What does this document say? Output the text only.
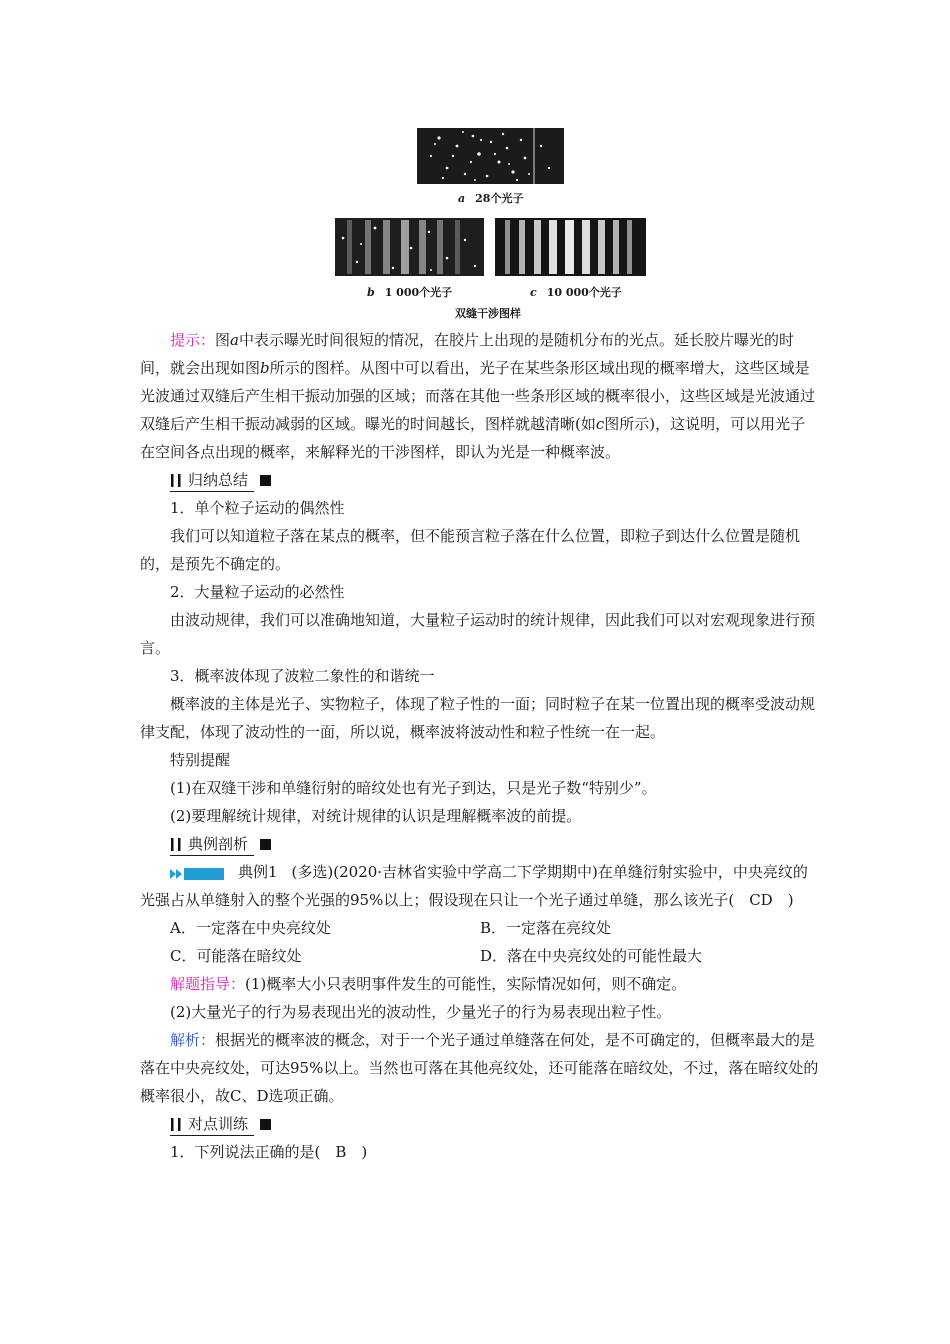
a 28个光子
b 1 000个光子	c 10 000个光子
双缝干涉图样

提示：图a中表示曝光时间很短的情况，在胶片上出现的是随机分布的光点。延长胶片曝光的时间，就会出现如图b所示的图样。从图中可以看出，光子在某些条形区域出现的概率增大，这些区域是光波通过双缝后产生相干振动加强的区域；而落在其他一些条形区域的概率很小，这些区域是光波通过双缝后产生相干振动减弱的区域。曝光的时间越长，图样就越清晰(如c图所示)，这说明，可以用光子在空间各点出现的概率，来解释光的干涉图样，即认为光是一种概率波。

归纳总结

1．单个粒子运动的偶然性

我们可以知道粒子落在某点的概率，但不能预言粒子落在什么位置，即粒子到达什么位置是随机的，是预先不确定的。

2．大量粒子运动的必然性

由波动规律，我们可以准确地知道，大量粒子运动时的统计规律，因此我们可以对宏观现象进行预言。

3．概率波体现了波粒二象性的和谐统一

概率波的主体是光子、实物粒子，体现了粒子性的一面；同时粒子在某一位置出现的概率受波动规律支配，体现了波动性的一面，所以说，概率波将波动性和粒子性统一在一起。

特别提醒

(1)在双缝干涉和单缝衍射的暗纹处也有光子到达，只是光子数“特别少”。

(2)要理解统计规律，对统计规律的认识是理解概率波的前提。

典例剖析

典例1 (多选)(2020·吉林省实验中学高二下学期期中)在单缝衍射实验中，中央亮纹的光强占从单缝射入的整个光强的95%以上；假设现在只让一个光子通过单缝，那么该光子(　CD　)

A．一定落在中央亮纹处	B．一定落在亮纹处
C．可能落在暗纹处	D．落在中央亮纹处的可能性最大

解题指导：(1)概率大小只表明事件发生的可能性，实际情况如何，则不确定。

(2)大量光子的行为易表现出光的波动性，少量光子的行为易表现出粒子性。

解析：根据光的概率波的概念，对于一个光子通过单缝落在何处，是不可确定的，但概率最大的是落在中央亮纹处，可达95%以上。当然也可落在其他亮纹处，还可能落在暗纹处，不过，落在暗纹处的概率很小，故C、D选项正确。

对点训练

1．下列说法正确的是(　B　)
